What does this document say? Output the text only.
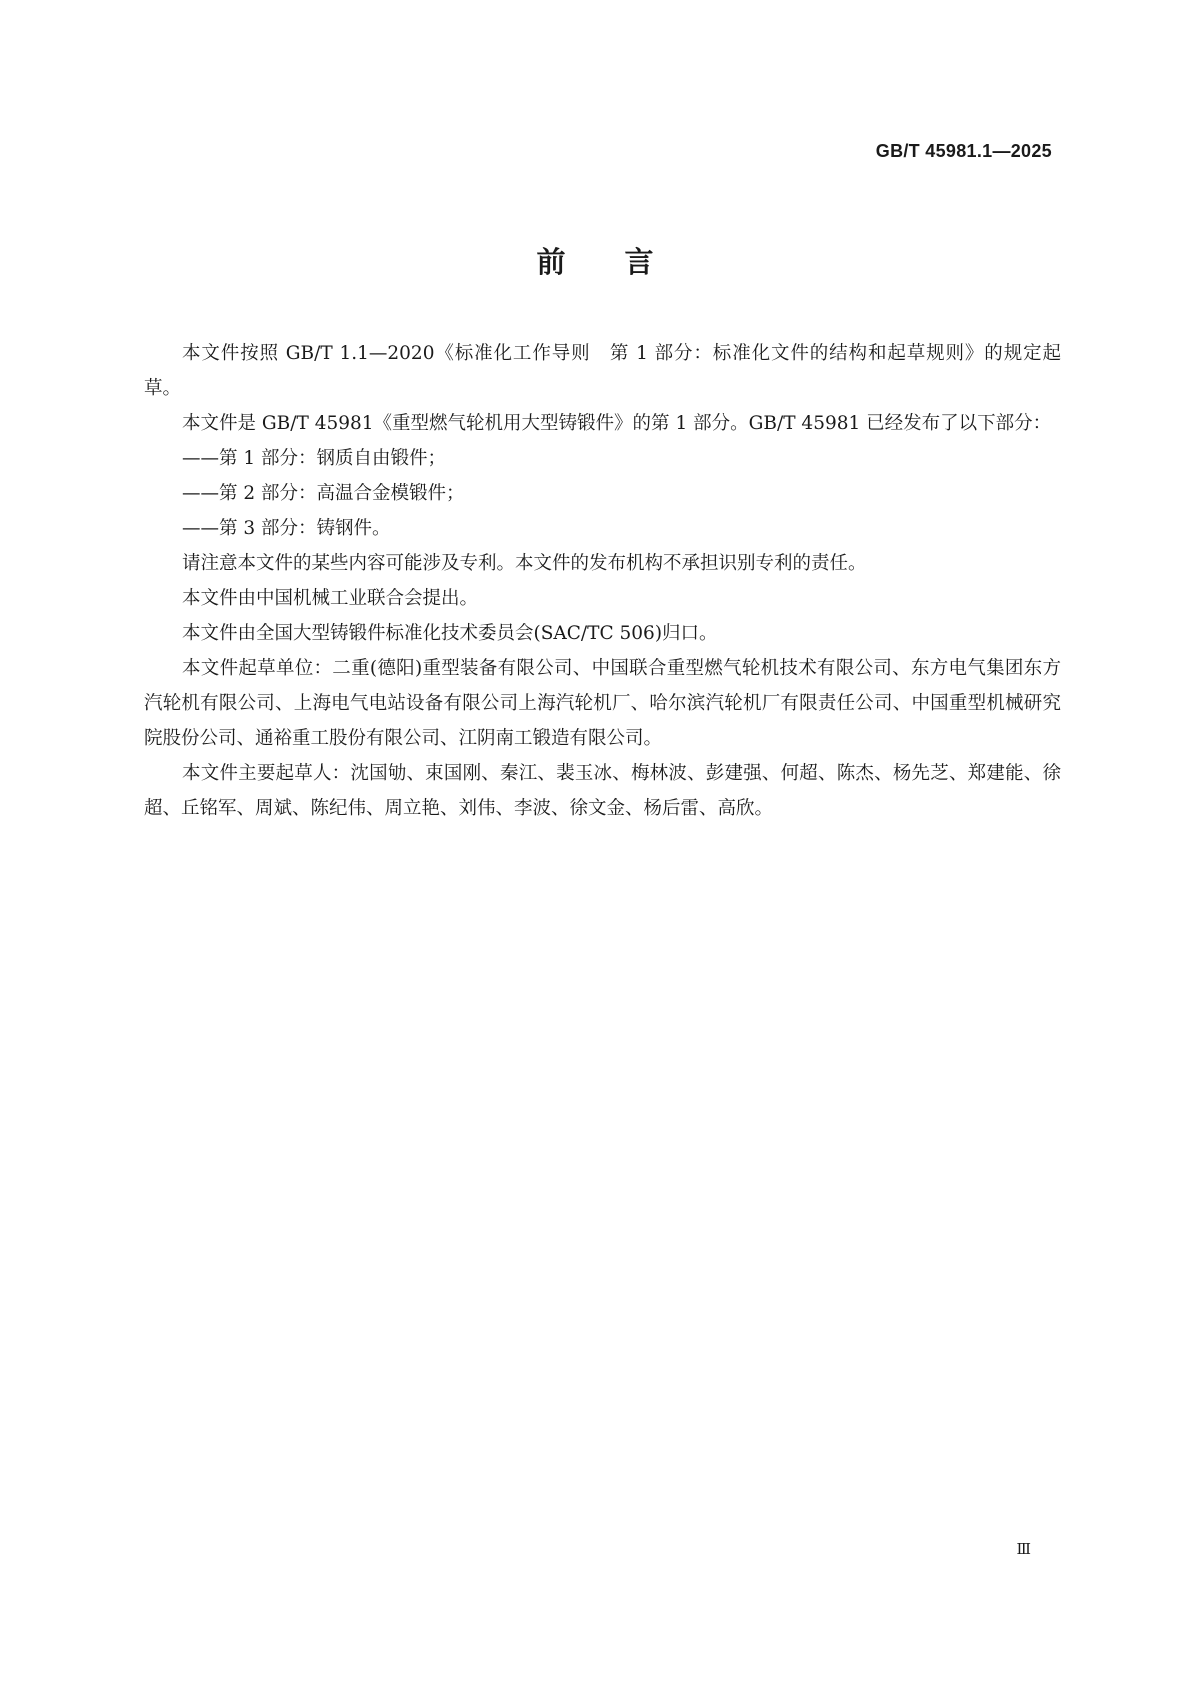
GB/T 45981.1—2025
前 言

本文件按照 GB/T 1.1—2020《标准化工作导则　第 1 部分：标准化文件的结构和起草规则》的规定起草。

本文件是 GB/T 45981《重型燃气轮机用大型铸锻件》的第 1 部分。GB/T 45981 已经发布了以下部分：

——第 1 部分：钢质自由锻件；

——第 2 部分：高温合金模锻件；

——第 3 部分：铸钢件。

请注意本文件的某些内容可能涉及专利。本文件的发布机构不承担识别专利的责任。

本文件由中国机械工业联合会提出。

本文件由全国大型铸锻件标准化技术委员会(SAC/TC 506)归口。

本文件起草单位：二重(德阳)重型装备有限公司、中国联合重型燃气轮机技术有限公司、东方电气集团东方汽轮机有限公司、上海电气电站设备有限公司上海汽轮机厂、哈尔滨汽轮机厂有限责任公司、中国重型机械研究院股份公司、通裕重工股份有限公司、江阴南工锻造有限公司。

本文件主要起草人：沈国劬、束国刚、秦江、裴玉冰、梅林波、彭建强、何超、陈杰、杨先芝、郑建能、徐超、丘铭军、周斌、陈纪伟、周立艳、刘伟、李波、徐文金、杨后雷、高欣。

Ⅲ
